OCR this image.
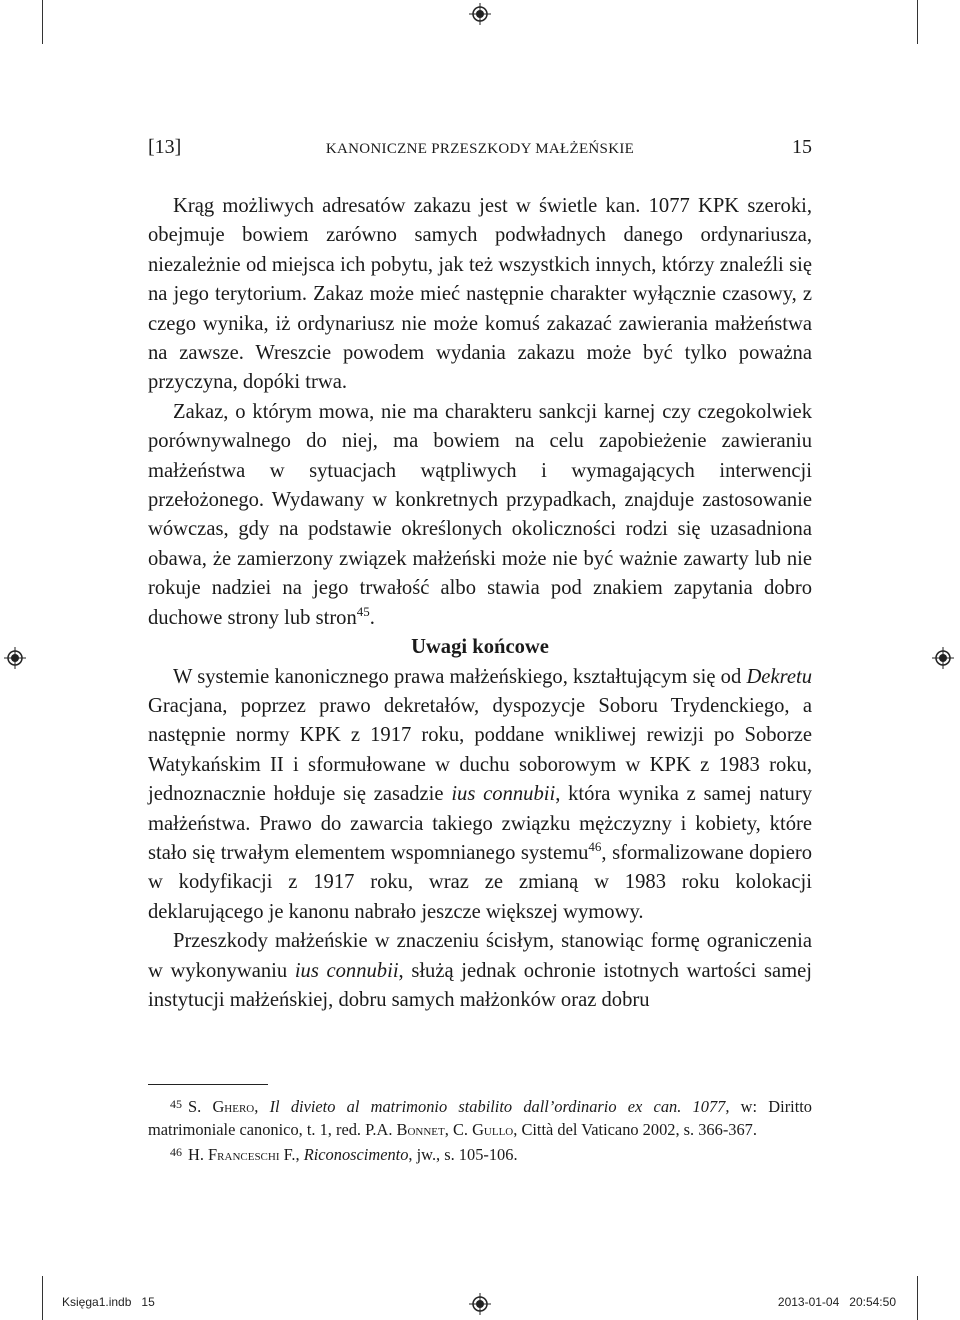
[13]	KANONICZNE PRZESZKODY MAŁŻEŃSKIE	15

Krąg możliwych adresatów zakazu jest w świetle kan. 1077 KPK szeroki, obejmuje bowiem zarówno samych podwładnych danego ordynariusza, niezależnie od miejsca ich pobytu, jak też wszystkich innych, którzy znaleźli się na jego terytorium. Zakaz może mieć następnie charakter wyłącznie czasowy, z czego wynika, iż ordynariusz nie może komuś zakazać zawierania małżeństwa na zawsze. Wreszcie powodem wydania zakazu może być tylko poważna przyczyna, dopóki trwa.

Zakaz, o którym mowa, nie ma charakteru sankcji karnej czy czegokolwiek porównywalnego do niej, ma bowiem na celu zapobieżenie zawieraniu małżeństwa w sytuacjach wątpliwych i wymagających interwencji przełożonego. Wydawany w konkretnych przypadkach, znajduje zastosowanie wówczas, gdy na podstawie określonych okoliczności rodzi się uzasadniona obawa, że zamierzony związek małżeński może nie być ważnie zawarty lub nie rokuje nadziei na jego trwałość albo stawia pod znakiem zapytania dobro duchowe strony lub stron$^{45}$.

Uwagi końcowe

W systemie kanonicznego prawa małżeńskiego, kształtującym się od Dekretu Gracjana, poprzez prawo dekretałów, dyspozycje Soboru Trydenckiego, a następnie normy KPK z 1917 roku, poddane wnikliwej rewizji po Soborze Watykańskim II i sformułowane w duchu soborowym w KPK z 1983 roku, jednoznacznie hołduje się zasadzie ius connubii, która wynika z samej natury małżeństwa. Prawo do zawarcia takiego związku mężczyzny i kobiety, które stało się trwałym elementem wspomnianego systemu$^{46}$, sformalizowane dopiero w kodyfikacji z 1917 roku, wraz ze zmianą w 1983 roku kolokacji deklarującego je kanonu nabrało jeszcze większej wymowy.

Przeszkody małżeńskie w znaczeniu ścisłym, stanowiąc formę ograniczenia w wykonywaniu ius connubii, służą jednak ochronie istotnych wartości samej instytucji małżeńskiej, dobru samych małżonków oraz dobru

$^{45}$ S. Ghero, Il divieto al matrimonio stabilito dall’ordinario ex can. 1077, w: Diritto matrimoniale canonico, t. 1, red. P.A. Bonnet, C. Gullo, Città del Vaticano 2002, s. 366-367.

$^{46}$ H. Franceschi F., Riconoscimento, jw., s. 105-106.

Księga1.indb   15	2013-01-04   20:54:50
